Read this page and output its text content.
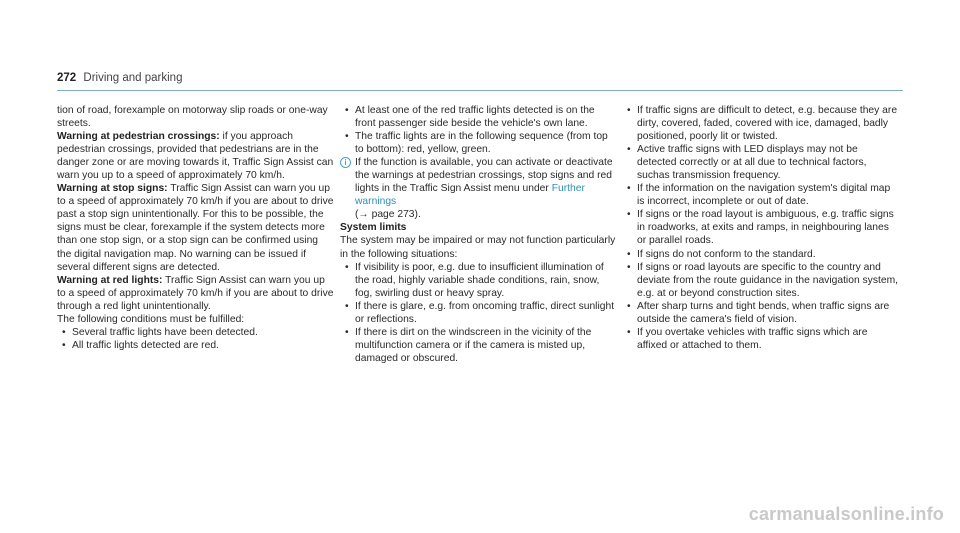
272 Driving and parking

tion of road, forexample on motorway slip roads or one-way streets.

Warning at pedestrian crossings: if you approach pedestrian crossings, provided that pedestrians are in the danger zone or are moving towards it, Traffic Sign Assist can warn you up to a speed of approximately 70 km/h.

Warning at stop signs: Traffic Sign Assist can warn you up to a speed of approximately 70 km/h if you are about to drive past a stop sign unintentionally. For this to be possible, the signs must be clear, forexample if the system detects more than one stop sign, or a stop sign can be confirmed using the digital navigation map. No warning can be issued if several different signs are detected.

Warning at red lights: Traffic Sign Assist can warn you up to a speed of approximately 70 km/h if you are about to drive through a red light unintentionally.

The following conditions must be fulfilled:

• Several traffic lights have been detected.
• All traffic lights detected are red.
• At least one of the red traffic lights detected is on the front passenger side beside the vehicle's own lane.
• The traffic lights are in the following sequence (from top to bottom): red, yellow, green.
i If the function is available, you can activate or deactivate the warnings at pedestrian crossings, stop signs and red lights in the Traffic Sign Assist menu under Further warnings
(→ page 273).

System limits

The system may be impaired or may not function particularly in the following situations:

• If visibility is poor, e.g. due to insufficient illumination of the road, highly variable shade conditions, rain, snow, fog, swirling dust or heavy spray.
• If there is glare, e.g. from oncoming traffic, direct sunlight or reflections.
• If there is dirt on the windscreen in the vicinity of the multifunction camera or if the camera is misted up, damaged or obscured.
• If traffic signs are difficult to detect, e.g. because they are dirty, covered, faded, covered with ice, damaged, badly positioned, poorly lit or twisted.
• Active traffic signs with LED displays may not be detected correctly or at all due to technical factors, suchas transmission frequency.
• If the information on the navigation system's digital map is incorrect, incomplete or out of date.
• If signs or the road layout is ambiguous, e.g. traffic signs in roadworks, at exits and ramps, in neighbouring lanes or parallel roads.
• If signs do not conform to the standard.
• If signs or road layouts are specific to the country and deviate from the route guidance in the navigation system, e.g. at or beyond construction sites.
• After sharp turns and tight bends, when traffic signs are outside the camera's field of vision.
• If you overtake vehicles with traffic signs which are affixed or attached to them.
carmanualsonline.info
